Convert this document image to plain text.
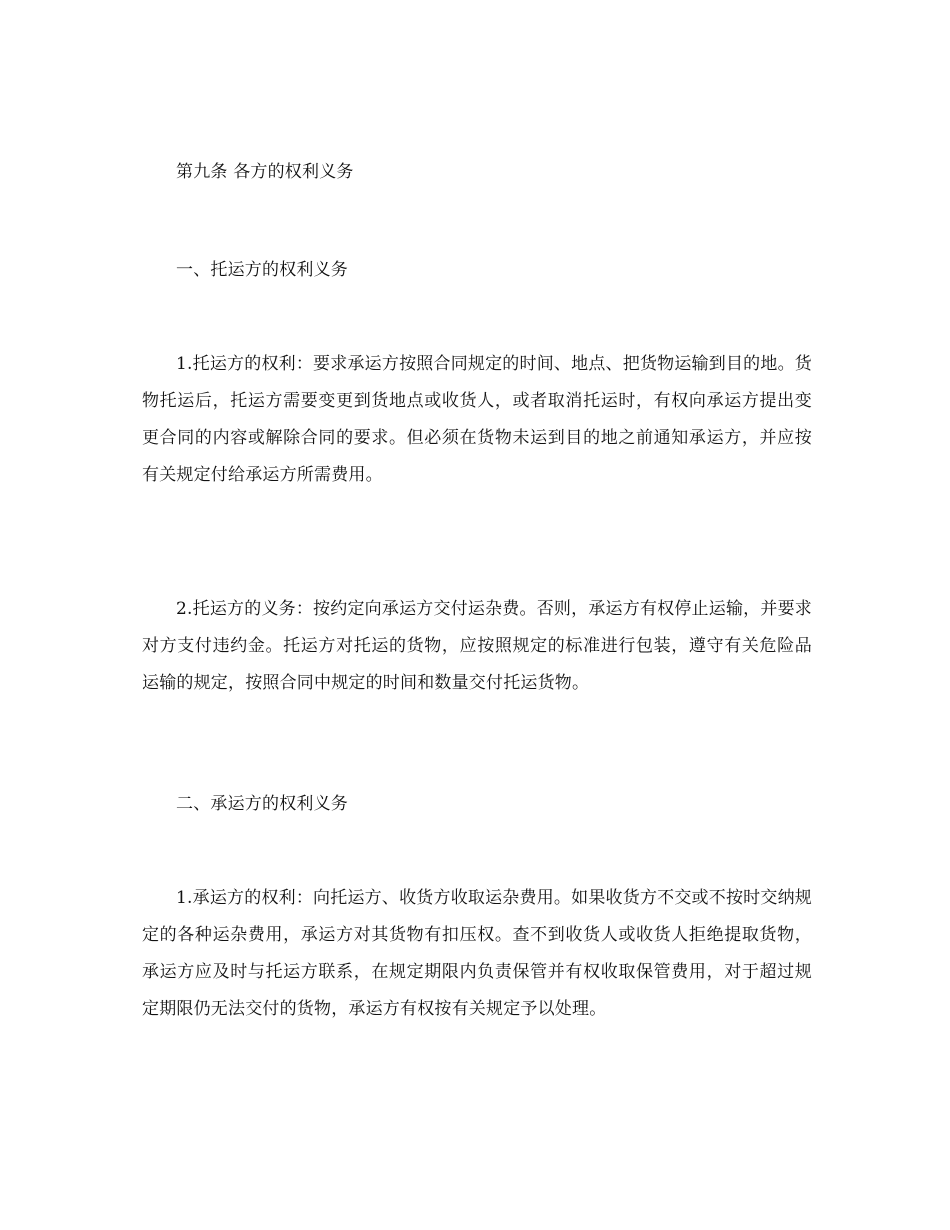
第九条 各方的权利义务
一、托运方的权利义务
1.托运方的权利：要求承运方按照合同规定的时间、地点、把货物运输到目的地。货物托运后，托运方需要变更到货地点或收货人，或者取消托运时，有权向承运方提出变更合同的内容或解除合同的要求。但必须在货物未运到目的地之前通知承运方，并应按有关规定付给承运方所需费用。
2.托运方的义务：按约定向承运方交付运杂费。否则，承运方有权停止运输，并要求对方支付违约金。托运方对托运的货物，应按照规定的标准进行包装，遵守有关危险品运输的规定，按照合同中规定的时间和数量交付托运货物。
二、承运方的权利义务
1.承运方的权利：向托运方、收货方收取运杂费用。如果收货方不交或不按时交纳规定的各种运杂费用，承运方对其货物有扣压权。查不到收货人或收货人拒绝提取货物，承运方应及时与托运方联系，在规定期限内负责保管并有权收取保管费用，对于超过规定期限仍无法交付的货物，承运方有权按有关规定予以处理。
